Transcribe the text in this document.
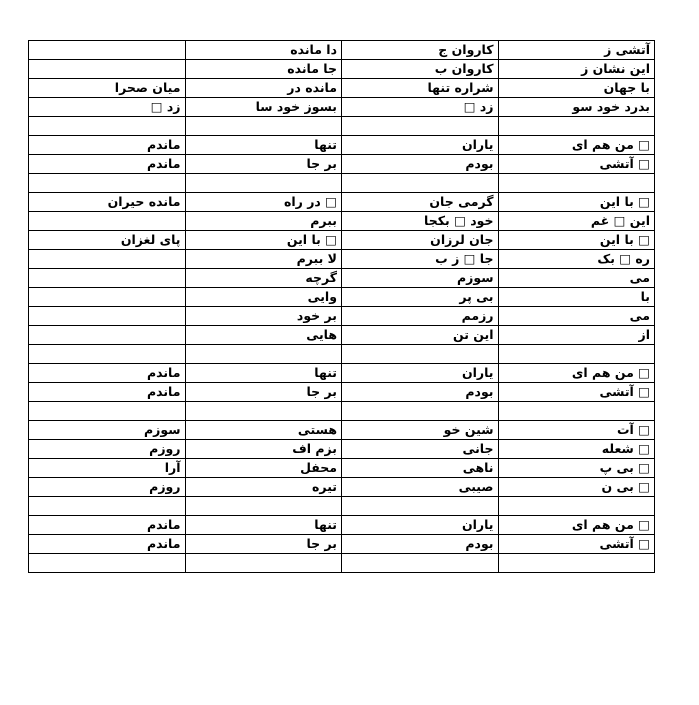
آتشی ز	کاروان ج	دا مانده	
این نشان ز	کاروان ب	جا مانده	
با جهان	شراره تنها	مانده در	میان صحرا
بدرد خود سو	زد □	بسوز خود سا	زد □

□ من هم ای	یاران	تنها	ماندم
□ آتشی	بودم	بر جا	ماندم

□ با این	گرمی جان	□ در راه	مانده حیران
این □ غم	خود □ بکجا	ببرم	
□ با این	جان لرزان	□ با این	پای لغزان
ره □ بک	جا □ ز ب	لا ببرم	
می	سوزم	گرچه	
با	بی پر	وایی	
می	رزمم	بر خود	
از	این تن	هایی	

□ من هم ای	یاران	تنها	ماندم
□ آتشی	بودم	بر جا	ماندم

□ آت	شین خو	هستی	سوزم
□ شعله	جانی	بزم اف	روزم
□ بی پ	ناهی	محفل	آرا
□ بی ن	صیبی	تیره	روزم

□ من هم ای	یاران	تنها	ماندم
□ آتشی	بودم	بر جا	ماندم
